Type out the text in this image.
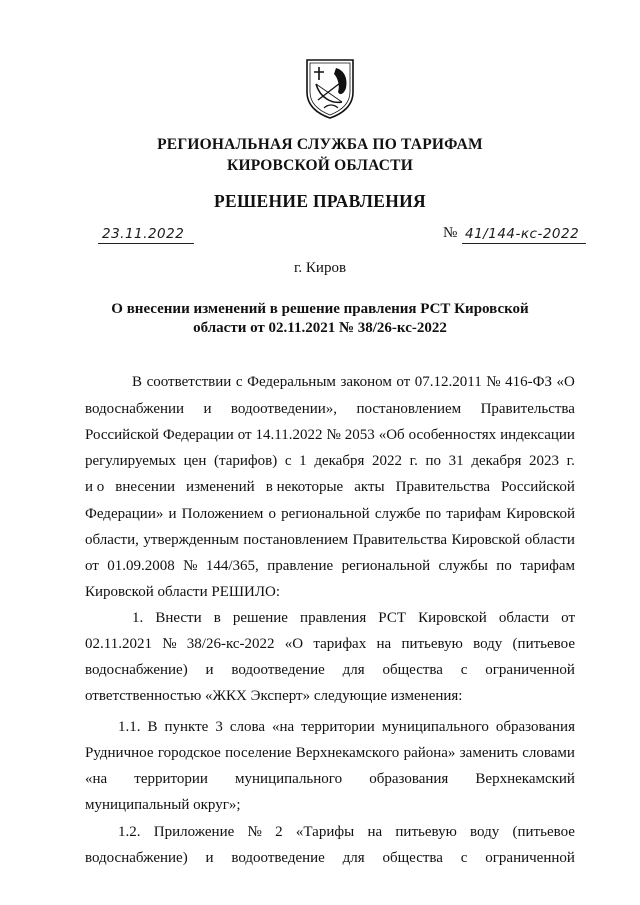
РЕГИОНАЛЬНАЯ СЛУЖБА ПО ТАРИФАМ
КИРОВСКОЙ ОБЛАСТИ
РЕШЕНИЕ ПРАВЛЕНИЯ
23.11.2022	№ 41/144-кс-2022
г. Киров
О внесении изменений в решение правления РСТ Кировской
области от 02.11.2021 № 38/26-кс-2022
В соответствии с Федеральным законом от 07.12.2011 № 416-ФЗ «О
водоснабжении и водоотведении», постановлением Правительства
Российской Федерации от 14.11.2022 № 2053 «Об особенностях индексации
регулируемых цен (тарифов) с 1 декабря 2022 г. по 31 декабря 2023 г.
и о внесении изменений в некоторые акты Правительства Российской
Федерации» и Положением о региональной службе по тарифам Кировской
области, утвержденным постановлением Правительства Кировской области
от 01.09.2008 № 144/365, правление региональной службы по тарифам
Кировской области РЕШИЛО:
1. Внести в решение правления РСТ Кировской области от
02.11.2021 № 38/26-кс-2022 «О тарифах на питьевую воду (питьевое
водоснабжение) и водоотведение для общества с ограниченной
ответственностью «ЖКХ Эксперт» следующие изменения:
1.1. В пункте 3 слова «на территории муниципального образования
Рудничное городское поселение Верхнекамского района» заменить словами
«на территории муниципального образования Верхнекамский
муниципальный округ»;
1.2. Приложение № 2 «Тарифы на питьевую воду (питьевое
водоснабжение) и водоотведение для общества с ограниченной
